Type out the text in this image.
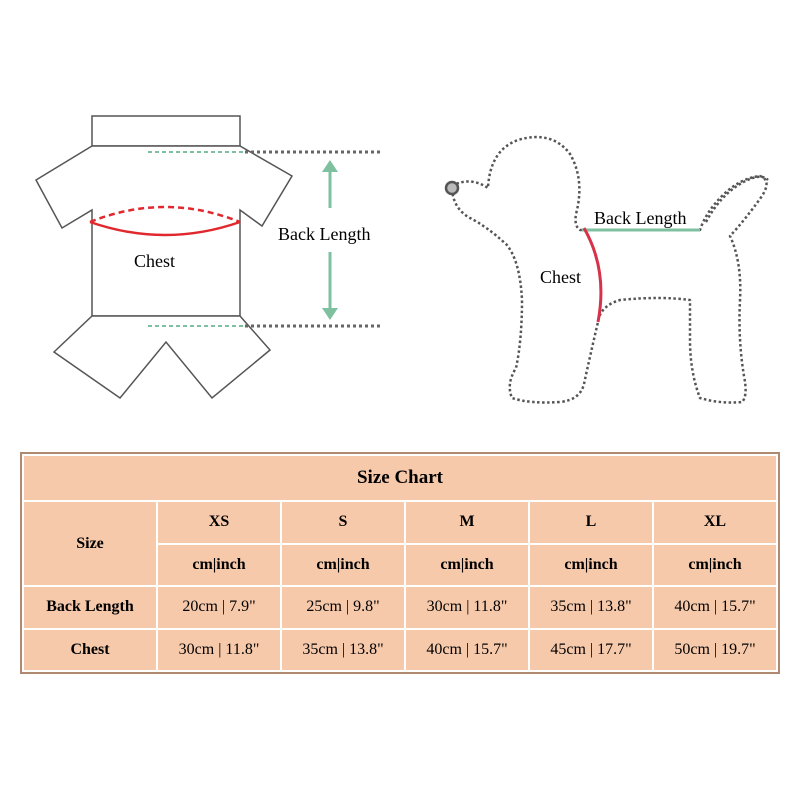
Chest
Back Length
Back Length
Chest
Size Chart					
Size	XS	S	M	L	XL
	cm|inch	cm|inch	cm|inch	cm|inch	cm|inch
Back Length	20cm | 7.9"	25cm | 9.8"	30cm | 11.8"	35cm | 13.8"	40cm | 15.7"
Chest	30cm | 11.8"	35cm | 13.8"	40cm | 15.7"	45cm | 17.7"	50cm | 19.7"
